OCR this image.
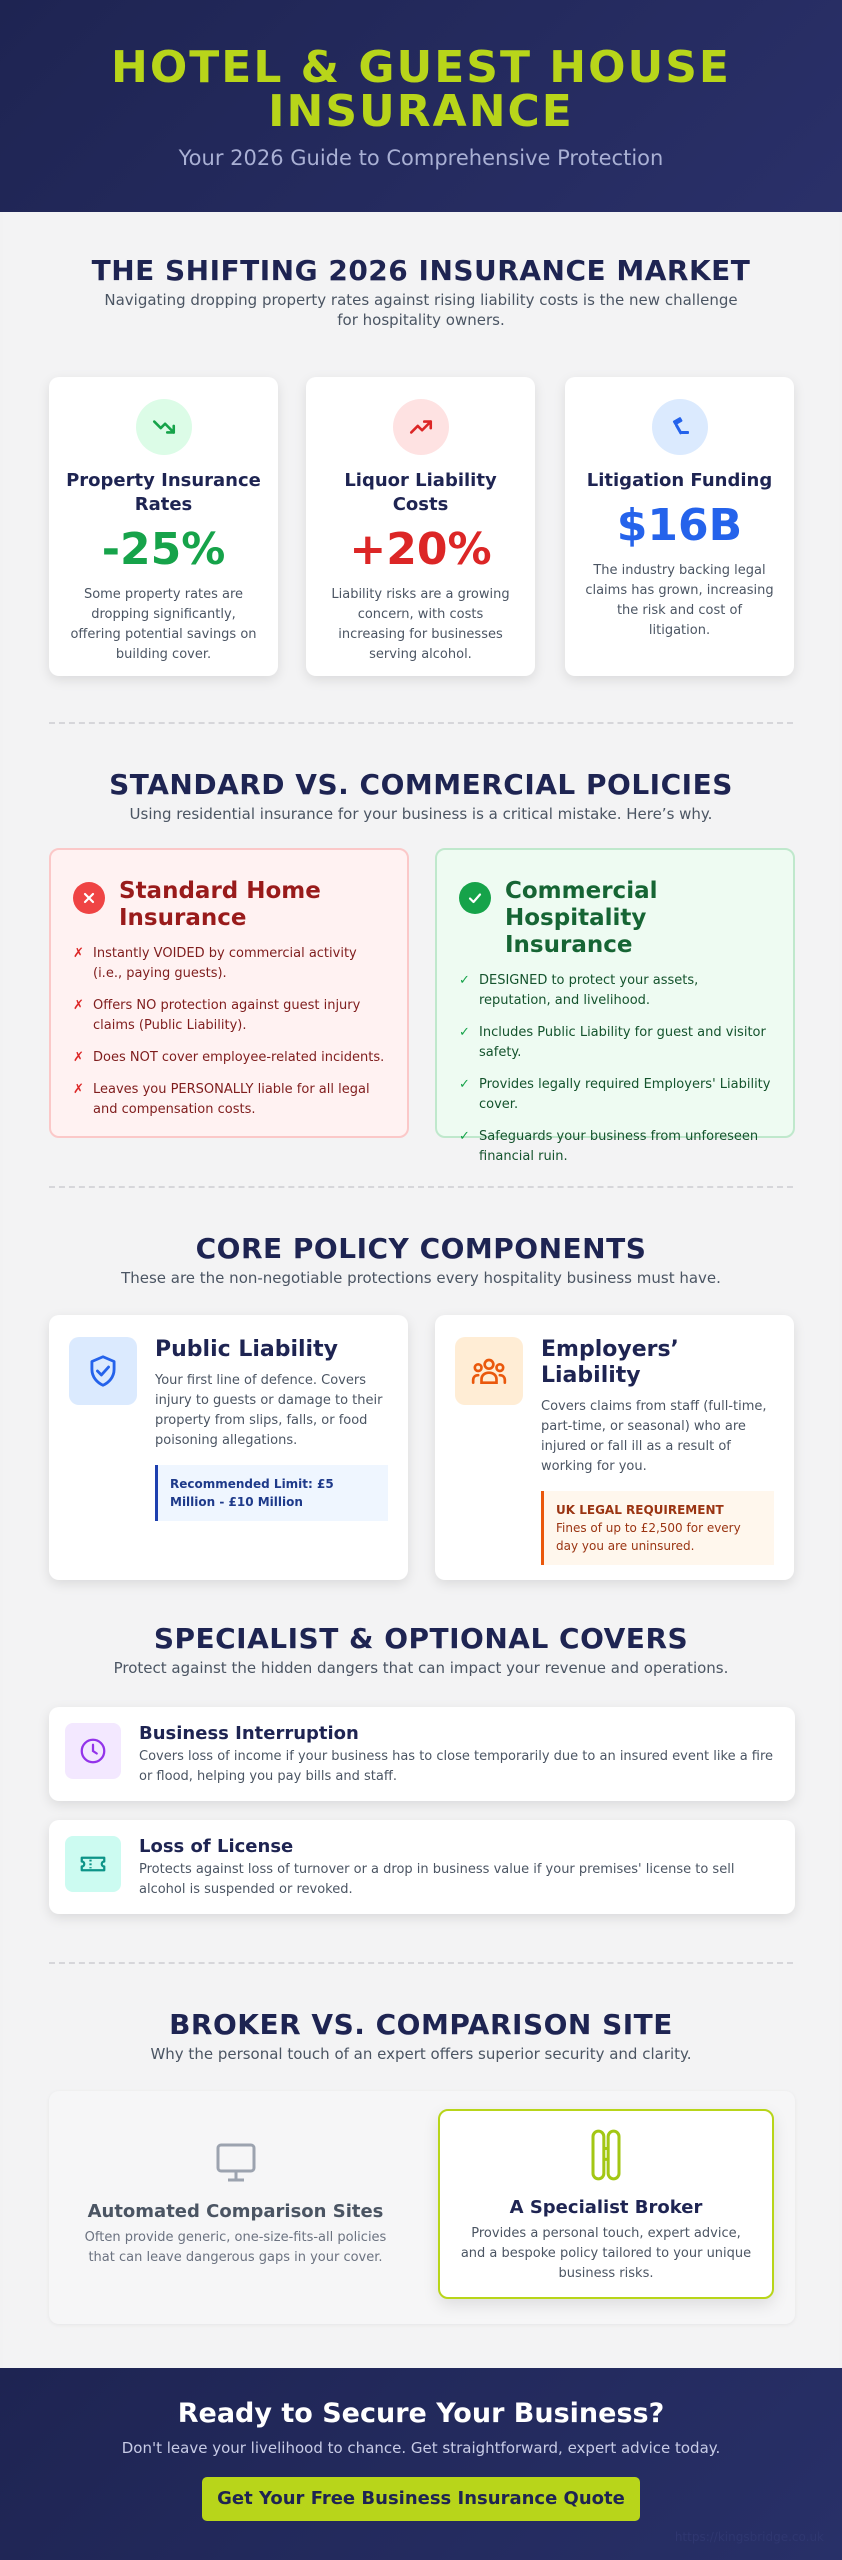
HOTEL & GUEST HOUSE INSURANCE
Your 2026 Guide to Comprehensive Protection
THE SHIFTING 2026 INSURANCE MARKET
Navigating dropping property rates against rising liability costs is the new challenge for hospitality owners.
Property Insurance Rates
-25%
Some property rates are dropping significantly, offering potential savings on building cover.
Liquor Liability Costs
+20%
Liability risks are a growing concern, with costs increasing for businesses serving alcohol.
Litigation Funding
$16B
The industry backing legal claims has grown, increasing the risk and cost of litigation.
STANDARD VS. COMMERCIAL POLICIES
Using residential insurance for your business is a critical mistake. Here’s why.
Standard Home Insurance
✗ Instantly VOIDED by commercial activity (i.e., paying guests).
✗ Offers NO protection against guest injury claims (Public Liability).
✗ Does NOT cover employee-related incidents.
✗ Leaves you PERSONALLY liable for all legal and compensation costs.
Commercial Hospitality Insurance
✓ DESIGNED to protect your assets, reputation, and livelihood.
✓ Includes Public Liability for guest and visitor safety.
✓ Provides legally required Employers' Liability cover.
✓ Safeguards your business from unforeseen financial ruin.
CORE POLICY COMPONENTS
These are the non-negotiable protections every hospitality business must have.
Public Liability

Your first line of defence. Covers injury to guests or damage to their property from slips, falls, or food poisoning allegations.

Recommended Limit: £5 Million - £10 Million
Employers’ Liability

Covers claims from staff (full-time, part-time, or seasonal) who are injured or fall ill as a result of working for you.

UK LEGAL REQUIREMENT
Fines of up to £2,500 for every day you are uninsured.
SPECIALIST & OPTIONAL COVERS
Protect against the hidden dangers that can impact your revenue and operations.
Business Interruption

Covers loss of income if your business has to close temporarily due to an insured event like a fire or flood, helping you pay bills and staff.

Loss of License

Protects against loss of turnover or a drop in business value if your premises' license to sell alcohol is suspended or revoked.

BROKER VS. COMPARISON SITE
Why the personal touch of an expert offers superior security and clarity.
Automated Comparison Sites

Often provide generic, one-size-fits-all policies that can leave dangerous gaps in your cover.

A Specialist Broker

Provides a personal touch, expert advice, and a bespoke policy tailored to your unique business risks.

Ready to Secure Your Business?
Don't leave your livelihood to chance. Get straightforward, expert advice today.
Get Your Free Business Insurance Quote
https://kingsbridge.co.uk
